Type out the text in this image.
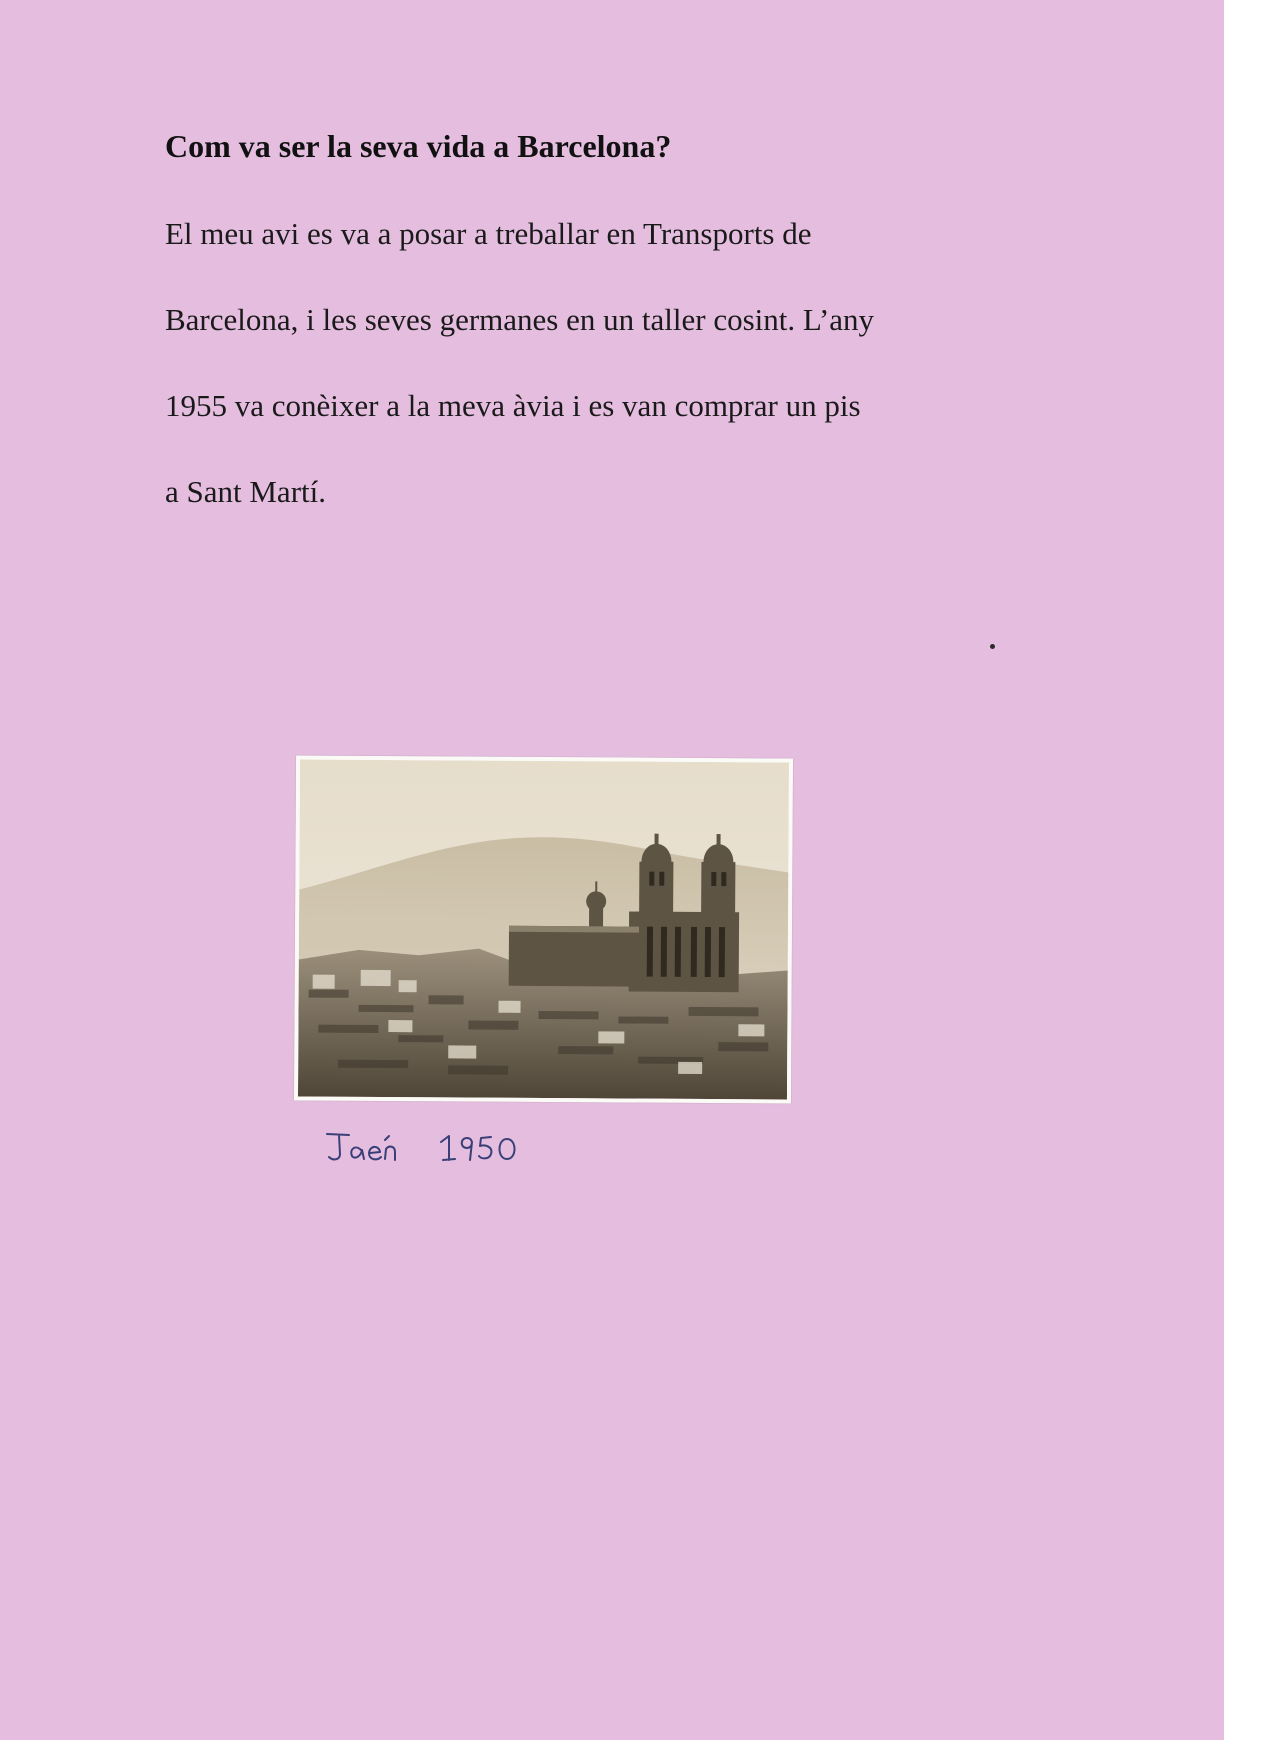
Com va ser la seva vida a Barcelona?

El meu avi es va a posar a treballar en Transports de

Barcelona, i les seves germanes en un taller cosint. L’any

1955 va conèixer a la meva àvia i es van comprar un pis

a Sant Martí.
